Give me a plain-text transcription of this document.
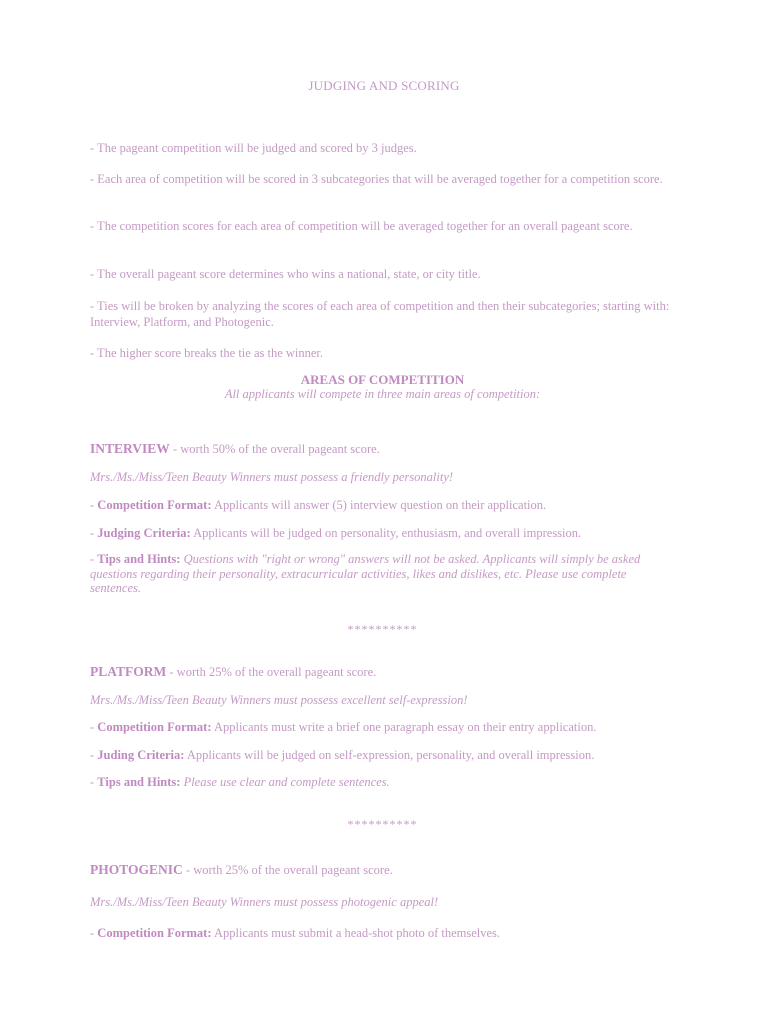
JUDGING AND SCORING
- The pageant competition will be judged and scored by 3 judges.
- Each area of competition will be scored in 3 subcategories that will be averaged together for a competition score.
- The competition scores for each area of competition will be averaged together for an overall pageant score.
- The overall pageant score determines who wins a national, state, or city title.
- Ties will be broken by analyzing the scores of each area of competition and then their subcategories; starting with: Interview, Platform, and Photogenic.
- The higher score breaks the tie as the winner.
AREAS OF COMPETITION
All applicants will compete in three main areas of competition:
INTERVIEW - worth 50% of the overall pageant score.
Mrs./Ms./Miss/Teen Beauty Winners must possess a friendly personality!
- Competition Format: Applicants will answer (5) interview question on their application.
- Judging Criteria: Applicants will be judged on personality, enthusiasm, and overall impression.
- Tips and Hints: Questions with "right or wrong" answers will not be asked. Applicants will simply be asked questions regarding their personality, extracurricular activities, likes and dislikes, etc. Please use complete sentences.
**********
PLATFORM - worth 25% of the overall pageant score.
Mrs./Ms./Miss/Teen Beauty Winners must possess excellent self-expression!
- Competition Format: Applicants must write a brief one paragraph essay on their entry application.
- Juding Criteria: Applicants will be judged on self-expression, personality, and overall impression.
- Tips and Hints: Please use clear and complete sentences.
**********
PHOTOGENIC - worth 25% of the overall pageant score.
Mrs./Ms./Miss/Teen Beauty Winners must possess photogenic appeal!
- Competition Format: Applicants must submit a head-shot photo of themselves.
